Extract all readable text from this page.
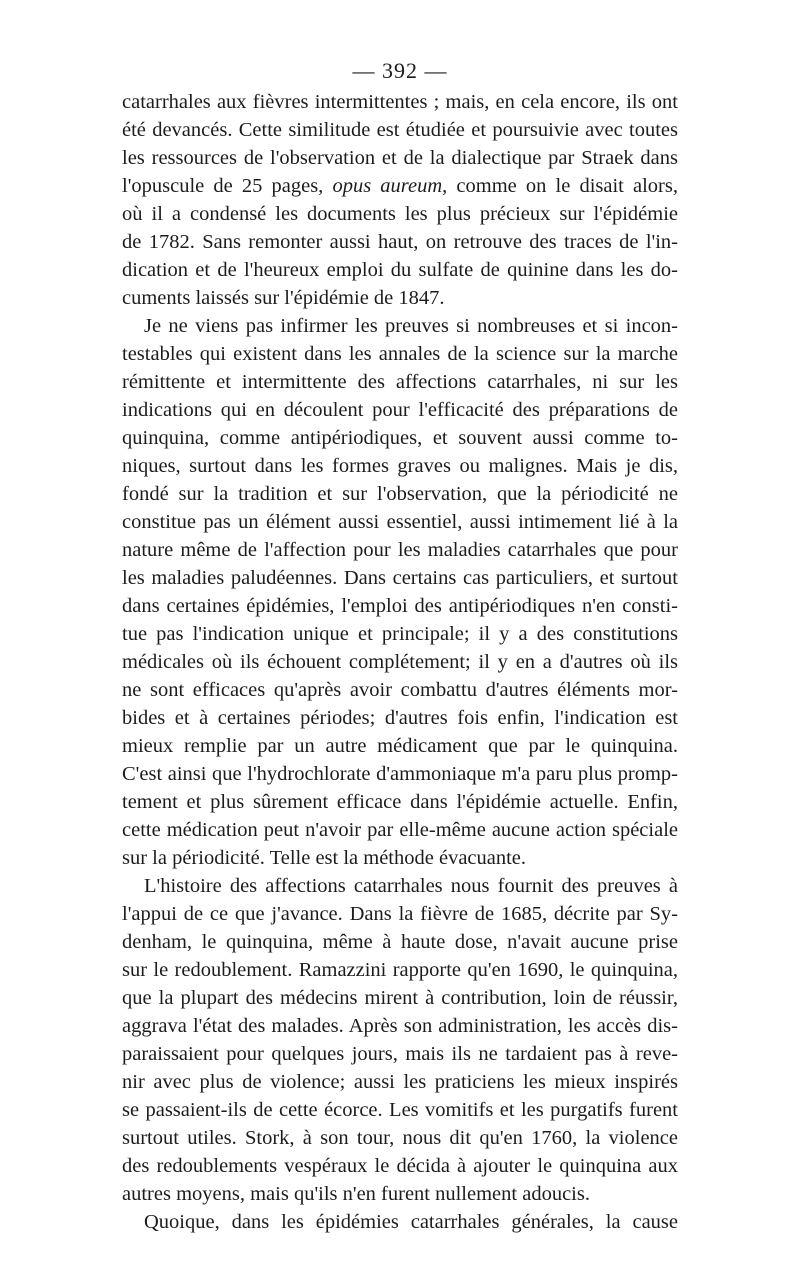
— 392 —
catarrhales aux fièvres intermittentes ; mais, en cela encore, ils ont
été devancés. Cette similitude est étudiée et poursuivie avec toutes
les ressources de l'observation et de la dialectique par Straek dans
l'opuscule de 25 pages, opus aureum, comme on le disait alors,
où il a condensé les documents les plus précieux sur l'épidémie
de 1782. Sans remonter aussi haut, on retrouve des traces de l'in-
dication et de l'heureux emploi du sulfate de quinine dans les do-
cuments laissés sur l'épidémie de 1847.
Je ne viens pas infirmer les preuves si nombreuses et si incon-
testables qui existent dans les annales de la science sur la marche
rémittente et intermittente des affections catarrhales, ni sur les
indications qui en découlent pour l'efficacité des préparations de
quinquina, comme antipériodiques, et souvent aussi comme to-
niques, surtout dans les formes graves ou malignes. Mais je dis,
fondé sur la tradition et sur l'observation, que la périodicité ne
constitue pas un élément aussi essentiel, aussi intimement lié à la
nature même de l'affection pour les maladies catarrhales que pour
les maladies paludéennes. Dans certains cas particuliers, et surtout
dans certaines épidémies, l'emploi des antipériodiques n'en consti-
tue pas l'indication unique et principale; il y a des constitutions
médicales où ils échouent complétement; il y en a d'autres où ils
ne sont efficaces qu'après avoir combattu d'autres éléments mor-
bides et à certaines périodes; d'autres fois enfin, l'indication est
mieux remplie par un autre médicament que par le quinquina.
C'est ainsi que l'hydrochlorate d'ammoniaque m'a paru plus promp-
tement et plus sûrement efficace dans l'épidémie actuelle. Enfin,
cette médication peut n'avoir par elle-même aucune action spéciale
sur la périodicité. Telle est la méthode évacuante.
L'histoire des affections catarrhales nous fournit des preuves à
l'appui de ce que j'avance. Dans la fièvre de 1685, décrite par Sy-
denham, le quinquina, même à haute dose, n'avait aucune prise
sur le redoublement. Ramazzini rapporte qu'en 1690, le quinquina,
que la plupart des médecins mirent à contribution, loin de réussir,
aggrava l'état des malades. Après son administration, les accès dis-
paraissaient pour quelques jours, mais ils ne tardaient pas à reve-
nir avec plus de violence; aussi les praticiens les mieux inspirés
se passaient-ils de cette écorce. Les vomitifs et les purgatifs furent
surtout utiles. Stork, à son tour, nous dit qu'en 1760, la violence
des redoublements vespéraux le décida à ajouter le quinquina aux
autres moyens, mais qu'ils n'en furent nullement adoucis.
Quoique, dans les épidémies catarrhales générales, la cause
